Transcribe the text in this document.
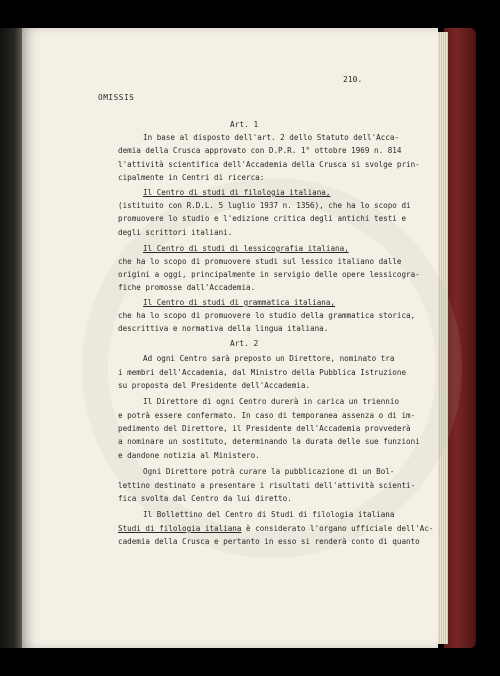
210.
OMISSIS
Art. 1
In base al disposto dell'art. 2 dello Statuto dell'Acca-
demia della Crusca approvato con D.P.R. 1° ottobre 1969 n. 814
l'attività scientifica dell'Accademia della Crusca si svolge prin-
cipalmente in Centri di ricerca:
Il Centro di studi di filologia italiana,
(istituito con R.D.L. 5 luglio 1937 n. 1356), che ha lo scopo di
promuovere lo studio e l'edizione critica degli antichi testi e
degli scrittori italiani.
Il Centro di studi di lessicografia italiana,
che ha lo scopo di promuovere studi sul lessico italiano dalle
origini a oggi, principalmente in servigio delle opere lessicogra-
fiche promosse dall'Accademia.
Il Centro di studi di grammatica italiana,
che ha lo scopo di promuovere lo studio della grammatica storica,
descrittiva e normativa della lingua italiana.
Art. 2
Ad ogni Centro sarà preposto un Direttore, nominato tra
i membri dell'Accademia, dal Ministro della Pubblica Istruzione
su proposta del Presidente dell'Accademia.
Il Direttore di ogni Centro durerà in carica un triennio
e potrà essere confermato. In caso di temporanea assenza o di im-
pedimento del Direttore, il Presidente dell'Accademia provvederà
a nominare un sostituto, determinando la durata delle sue funzioni
e dandone notizia al Ministero.
Ogni Direttore potrà curare la pubblicazione di un Bol-
lettino destinato a presentare i risultati dell'attività scienti-
fica svolta dal Centro da lui diretto.
Il Bollettino del Centro di Studi di filologia italiana
Studi di filologia italiana è considerato l'organo ufficiale dell'Ac-
cademia della Crusca e pertanto in esso si renderà conto di quanto
